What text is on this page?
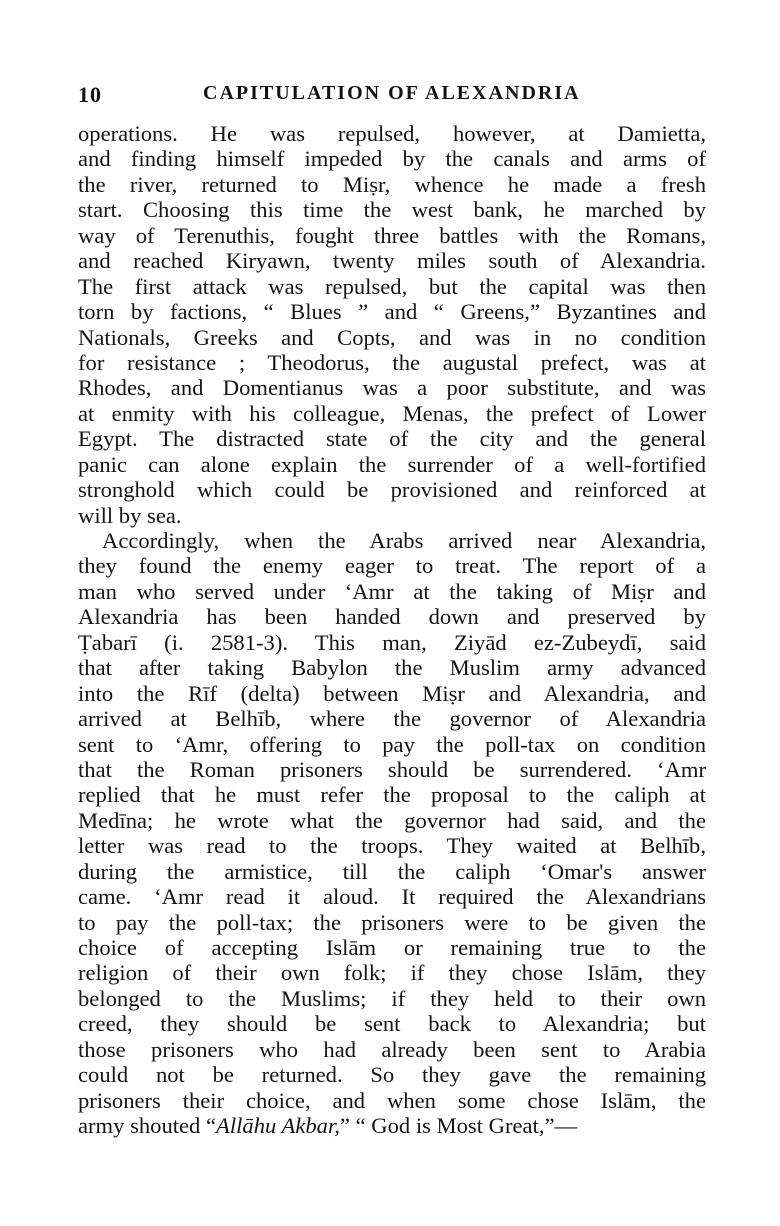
10	CAPITULATION OF ALEXANDRIA
operations. He was repulsed, however, at Damietta,
and finding himself impeded by the canals and arms of
the river, returned to Miṣr, whence he made a fresh
start. Choosing this time the west bank, he marched by
way of Terenuthis, fought three battles with the Romans,
and reached Kiryawn, twenty miles south of Alexandria.
The first attack was repulsed, but the capital was then
torn by factions, “ Blues ” and “ Greens,” Byzantines and
Nationals, Greeks and Copts, and was in no condition
for resistance ; Theodorus, the augustal prefect, was at
Rhodes, and Domentianus was a poor substitute, and was
at enmity with his colleague, Menas, the prefect of Lower
Egypt. The distracted state of the city and the general
panic can alone explain the surrender of a well-fortified
stronghold which could be provisioned and reinforced at
will by sea.
Accordingly, when the Arabs arrived near Alexandria,
they found the enemy eager to treat. The report of a
man who served under ‘Amr at the taking of Miṣr and
Alexandria has been handed down and preserved by
Ṭabarī (i. 2581-3). This man, Ziyād ez-Zubeydī, said
that after taking Babylon the Muslim army advanced
into the Rīf (delta) between Miṣr and Alexandria, and
arrived at Belhīb, where the governor of Alexandria
sent to ‘Amr, offering to pay the poll-tax on condition
that the Roman prisoners should be surrendered. ‘Amr
replied that he must refer the proposal to the caliph at
Medīna; he wrote what the governor had said, and the
letter was read to the troops. They waited at Belhīb,
during the armistice, till the caliph ‘Omar's answer
came. ‘Amr read it aloud. It required the Alexandrians
to pay the poll-tax; the prisoners were to be given the
choice of accepting Islām or remaining true to the
religion of their own folk; if they chose Islām, they
belonged to the Muslims; if they held to their own
creed, they should be sent back to Alexandria; but
those prisoners who had already been sent to Arabia
could not be returned. So they gave the remaining
prisoners their choice, and when some chose Islām, the
army shouted “Allāhu Akbar,” “ God is Most Great,”—
